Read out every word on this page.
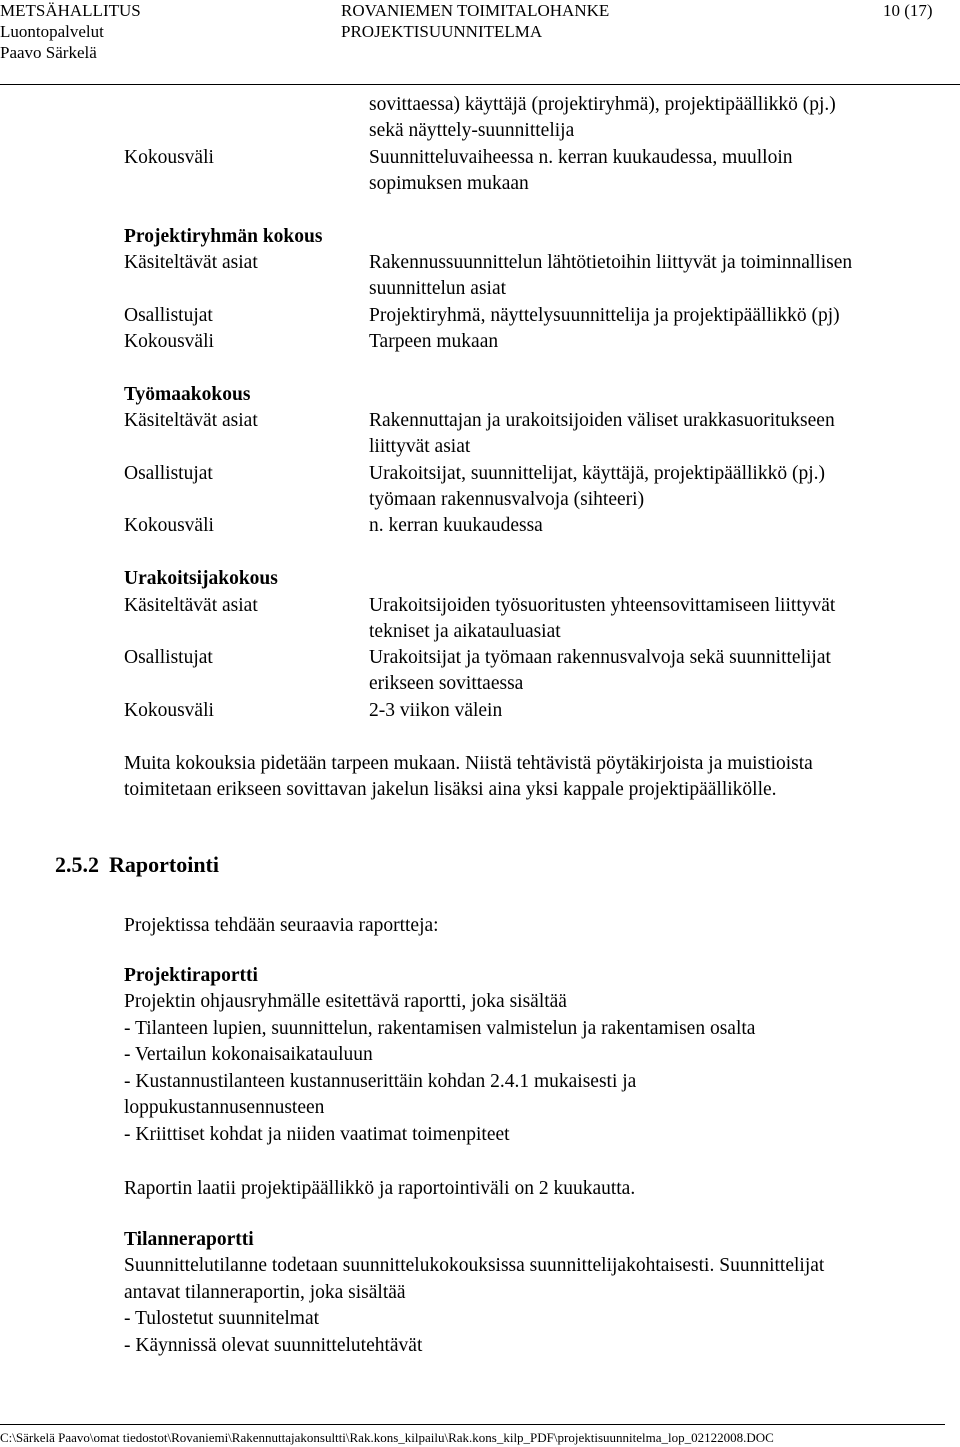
METSÄHALLITUS
Luontopalvelut
Paavo Särkelä
ROVANIEMEN TOIMITALOHANKE
PROJEKTISUUNNITELMA
10 (17)
sovittaessa) käyttäjä (projektiryhmä), projektipäällikkö (pj.)
sekä näyttely-suunnittelija
Kokousväli	Suunnitteluvaiheessa n. kerran kuukaudessa, muulloin
sopimuksen mukaan
Projektiryhmän kokous
Käsiteltävät asiat	Rakennussuunnittelun lähtötietoihin liittyvät ja toiminnallisen
suunnittelun asiat
Osallistujat	Projektiryhmä, näyttelysuunnittelija ja projektipäällikkö (pj)
Kokousväli	Tarpeen mukaan
Työmaakokous
Käsiteltävät asiat	Rakennuttajan ja urakoitsijoiden väliset urakkasuoritukseen
liittyvät asiat
Osallistujat	Urakoitsijat, suunnittelijat, käyttäjä, projektipäällikkö (pj.)
työmaan rakennusvalvoja (sihteeri)
Kokousväli	n. kerran kuukaudessa
Urakoitsijakokous
Käsiteltävät asiat	Urakoitsijoiden työsuoritusten yhteensovittamiseen liittyvät
tekniset ja aikatauluasiat
Osallistujat	Urakoitsijat ja työmaan rakennusvalvoja sekä suunnittelijat
erikseen sovittaessa
Kokousväli	2-3 viikon välein
Muita kokouksia pidetään tarpeen mukaan. Niistä tehtävistä pöytäkirjoista ja muistioista
toimitetaan erikseen sovittavan jakelun lisäksi aina yksi kappale projektipäällikölle.
2.5.2 Raportointi
Projektissa tehdään seuraavia raportteja:
Projektiraportti
Projektin ohjausryhmälle esitettävä raportti, joka sisältää
- Tilanteen lupien, suunnittelun, rakentamisen valmistelun ja rakentamisen osalta
- Vertailun kokonaisaikatauluun
- Kustannustilanteen kustannuserittäin kohdan 2.4.1 mukaisesti ja
loppukustannusennusteen
- Kriittiset kohdat ja niiden vaatimat toimenpiteet
Raportin laatii projektipäällikkö ja raportointiväli on 2 kuukautta.
Tilanneraportti
Suunnittelutilanne todetaan suunnittelukokouksissa suunnittelijakohtaisesti. Suunnittelijat
antavat tilanneraportin, joka sisältää
- Tulostetut suunnitelmat
- Käynnissä olevat suunnittelutehtävät
C:\Särkelä Paavo\omat tiedostot\Rovaniemi\Rakennuttajakonsultti\Rak.kons_kilpailu\Rak.kons_kilp_PDF\projektisuunnitelma_lop_02122008.DOC
